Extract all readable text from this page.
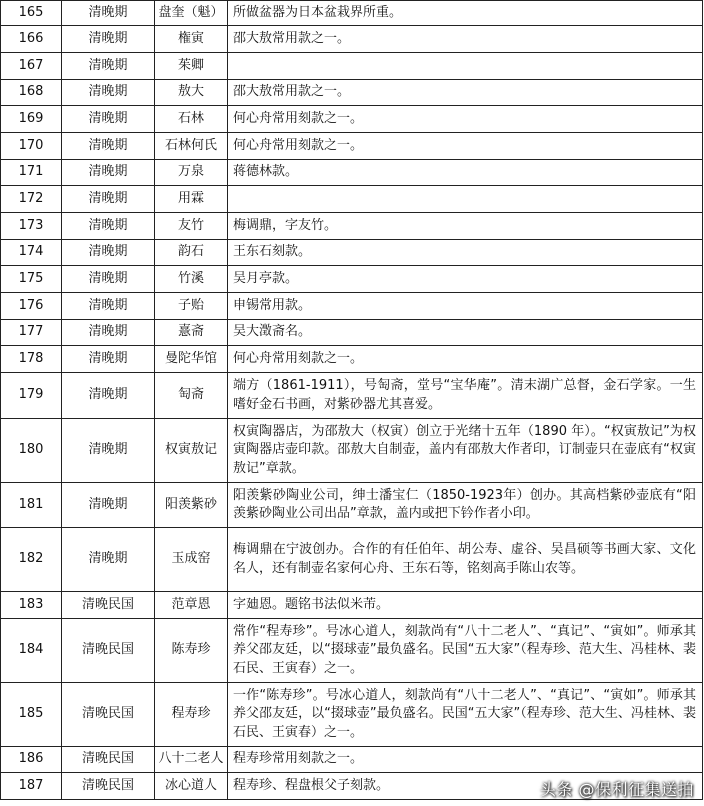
165	清晚期	盘奎（魁）	所做盆器为日本盆栽界所重。
166	清晚期	権寅	邵大敖常用款之一。
167	清晚期	茱卿	
168	清晚期	敖大	邵大敖常用款之一。
169	清晚期	石林	何心舟常用刻款之一。
170	清晚期	石林何氏	何心舟常用刻款之一。
171	清晚期	万泉	蒋德林款。
172	清晚期	用霖	
173	清晚期	友竹	梅调鼎，字友竹。
174	清晚期	韵石	王东石刻款。
175	清晚期	竹溪	吴月亭款。
176	清晚期	子贻	申锡常用款。
177	清晚期	憙斋	吴大澂斋名。
178	清晚期	曼陀华馆	何心舟常用刻款之一。
179	清晚期	匋斋	端方（1861-1911），号匋斋，堂号“宝华庵”。清末湖广总督，金石学家。一生嗜好金石书画，对紫砂器尤其喜爱。
180	清晚期	权寅敖记	权寅陶器店，为邵敖大（权寅）创立于光绪十五年（1890 年）。“权寅敖记”为权寅陶器店壶印款。邵敖大自制壶，盖内有邵敖大作者印，订制壶只在壶底有“权寅敖记”章款。
181	清晚期	阳羡紫砂	阳羡紫砂陶业公司，绅士潘宝仁（1850-1923年）创办。其高档紫砂壶底有“阳羡紫砂陶业公司出品”章款，盖内或把下钤作者小印。
182	清晚期	玉成窑	梅调鼎在宁波创办。合作的有任伯年、胡公寿、虚谷、吴昌硕等书画大家、文化名人，还有制壶名家何心舟、王东石等，铭刻高手陈山农等。
183	清晚民国	范章恩	字廸恩。题铭书法似米芾。
184	清晚民国	陈寿珍	常作“程寿珍”。号冰心道人，刻款尚有“八十二老人”、“真记”、“寅如”。师承其养父邵友廷，以“掇球壶”最负盛名。民国“五大家”（程寿珍、范大生、冯桂林、裴石民、王寅春）之一。
185	清晚民国	程寿珍	一作“陈寿珍”。号冰心道人，刻款尚有“八十二老人”、“真记”、“寅如”。师承其养父邵友廷，以“掇球壶”最负盛名。民国“五大家”（程寿珍、范大生、冯桂林、裴石民、王寅春）之一。
186	清晚民国	八十二老人	程寿珍常用刻款之一。
187	清晚民国	冰心道人	程寿珍、程盘根父子刻款。	头条 @保利征集送拍
